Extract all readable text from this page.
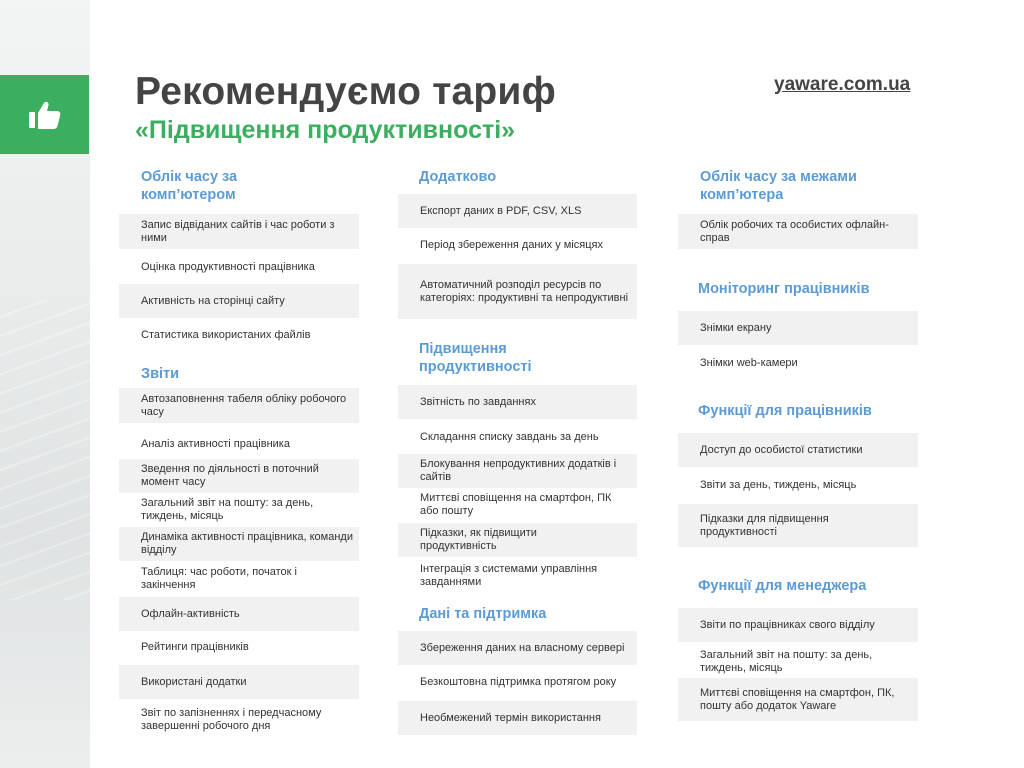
Рекомендуємо тариф
«Підвищення продуктивності»
yaware.com.ua
Облік часу за комп’ютером
Запис відвіданих сайтів і час роботи з ними
Оцінка продуктивності працівника
Активність на сторінці сайту
Статистика використаних файлів
Звіти
Автозаповнення табеля обліку робочого часу
Аналіз активності працівника
Зведення по діяльності в поточний момент часу
Загальний звіт на пошту: за день, тиждень, місяць
Динаміка активності працівника, команди відділу
Таблиця: час роботи, початок і закінчення
Офлайн-активність
Рейтинги працівників
Використані додатки
Звіт по запізненнях і передчасному завершенні робочого дня
Додатково
Експорт даних в PDF, CSV, XLS
Період збереження даних у місяцях
Автоматичний розподіл ресурсів по категоріях: продуктивні та непродуктивні
Підвищення продуктивності
Звітність по завданнях
Складання списку завдань за день
Блокування непродуктивних додатків і сайтів
Миттєві сповіщення на смартфон, ПК або пошту
Підказки, як підвищити продуктивність
Інтеграція з системами управління завданнями
Дані та підтримка
Збереження даних на власному сервері
Безкоштовна підтримка протягом року
Необмежений термін використання
Облік часу за межами комп’ютера
Облік робочих та особистих офлайн-справ
Моніторинг працівників
Знімки екрану
Знімки web-камери
Функції для працівників
Доступ до особистої статистики
Звіти за день, тиждень, місяць
Підказки для підвищення продуктивності
Функції для менеджера
Звіти по працівниках свого відділу
Загальний звіт на пошту: за день, тиждень, місяць
Миттєві сповіщення на смартфон, ПК, пошту або додаток Yaware
